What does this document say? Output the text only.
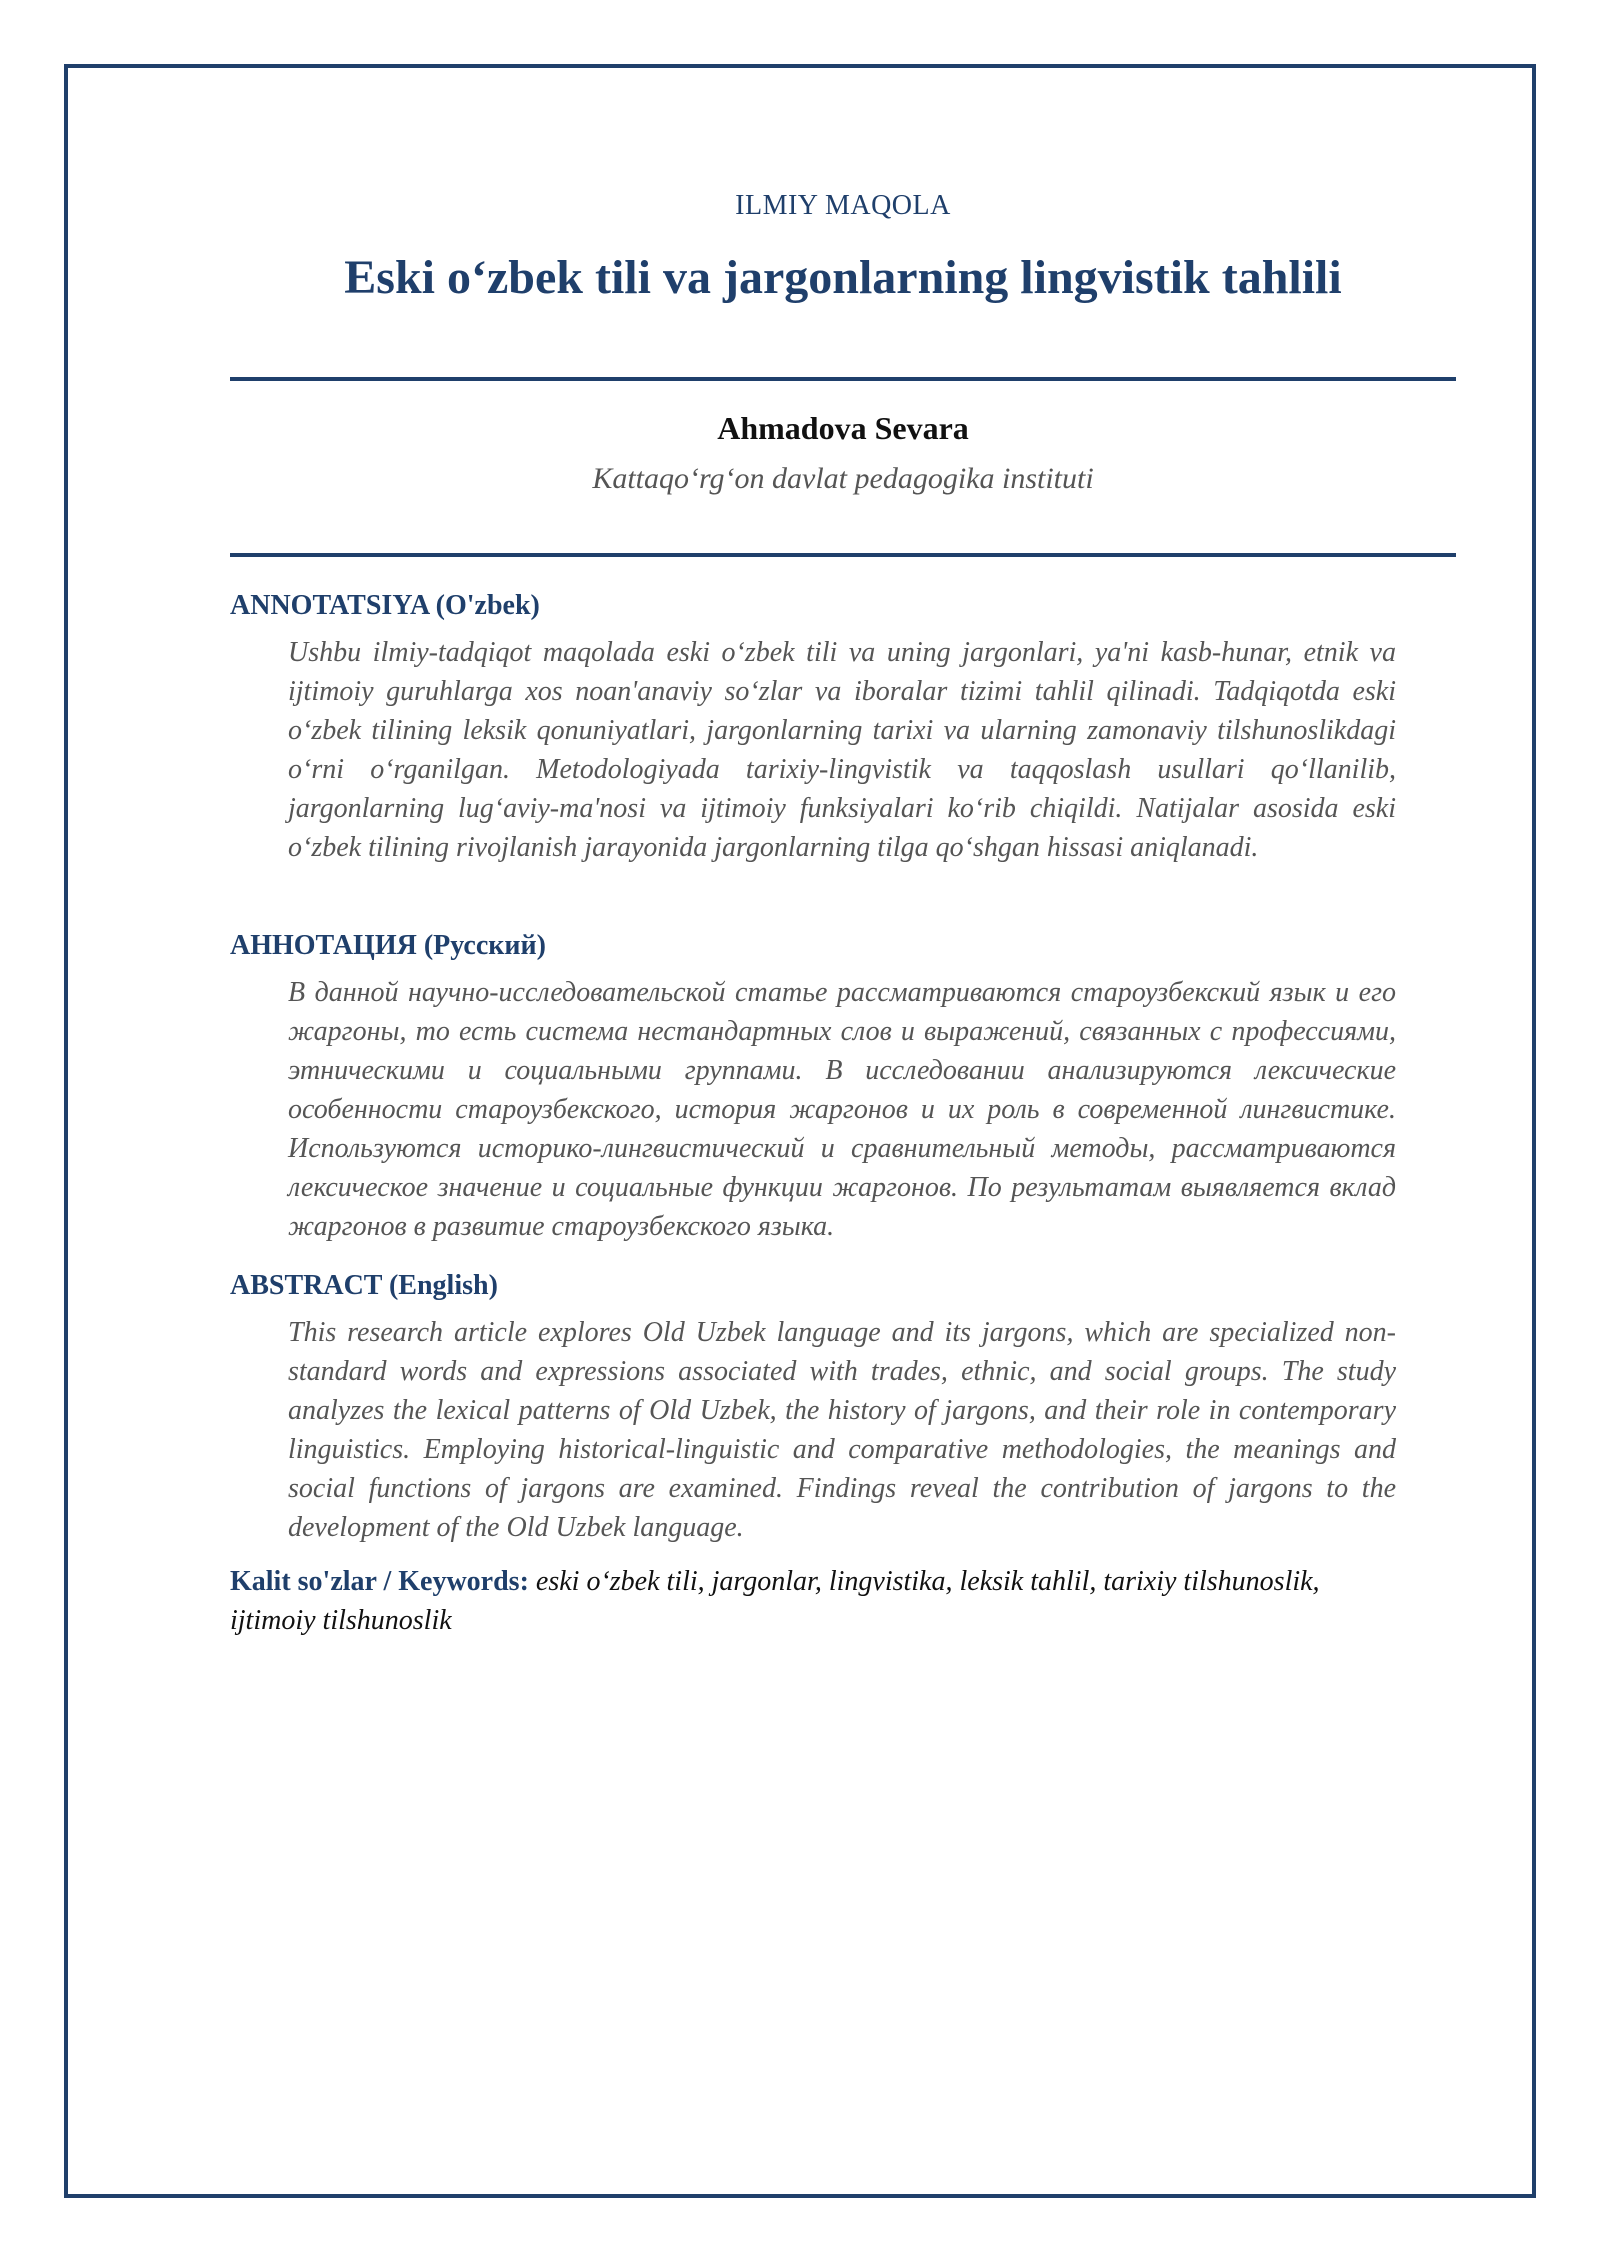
ILMIY MAQOLA
Eski oʻzbek tili va jargonlarning lingvistik tahlili
Ahmadova Sevara
Kattaqoʻrgʻon davlat pedagogika instituti
ANNOTATSIYA (O'zbek)

Ushbu ilmiy-tadqiqot maqolada eski oʻzbek tili va uning jargonlari, ya'ni kasb-hunar, etnik va ijtimoiy guruhlarga xos noan'anaviy soʻzlar va iboralar tizimi tahlil qilinadi. Tadqiqotda eski oʻzbek tilining leksik qonuniyatlari, jargonlarning tarixi va ularning zamonaviy tilshunoslikdagi oʻrni oʻrganilgan. Metodologiyada tarixiy-lingvistik va taqqoslash usullari qoʻllanilib, jargonlarning lugʻaviy-ma'nosi va ijtimoiy funksiyalari koʻrib chiqildi. Natijalar asosida eski oʻzbek tilining rivojlanish jarayonida jargonlarning tilga qoʻshgan hissasi aniqlanadi.

АННОТАЦИЯ (Русский)

В данной научно-исследовательской статье рассматриваются староузбекский язык и его жаргоны, то есть система нестандартных слов и выражений, связанных с профессиями, этническими и социальными группами. В исследовании анализируются лексические особенности староузбекского, история жаргонов и их роль в современной лингвистике. Используются историко-лингвистический и сравнительный методы, рассматриваются лексическое значение и социальные функции жаргонов. По результатам выявляется вклад жаргонов в развитие староузбекского языка.

ABSTRACT (English)

This research article explores Old Uzbek language and its jargons, which are specialized non-standard words and expressions associated with trades, ethnic, and social groups. The study analyzes the lexical patterns of Old Uzbek, the history of jargons, and their role in contemporary linguistics. Employing historical-linguistic and comparative methodologies, the meanings and social functions of jargons are examined. Findings reveal the contribution of jargons to the development of the Old Uzbek language.

Kalit so'zlar / Keywords: eski oʻzbek tili, jargonlar, lingvistika, leksik tahlil, tarixiy tilshunoslik, ijtimoiy tilshunoslik
